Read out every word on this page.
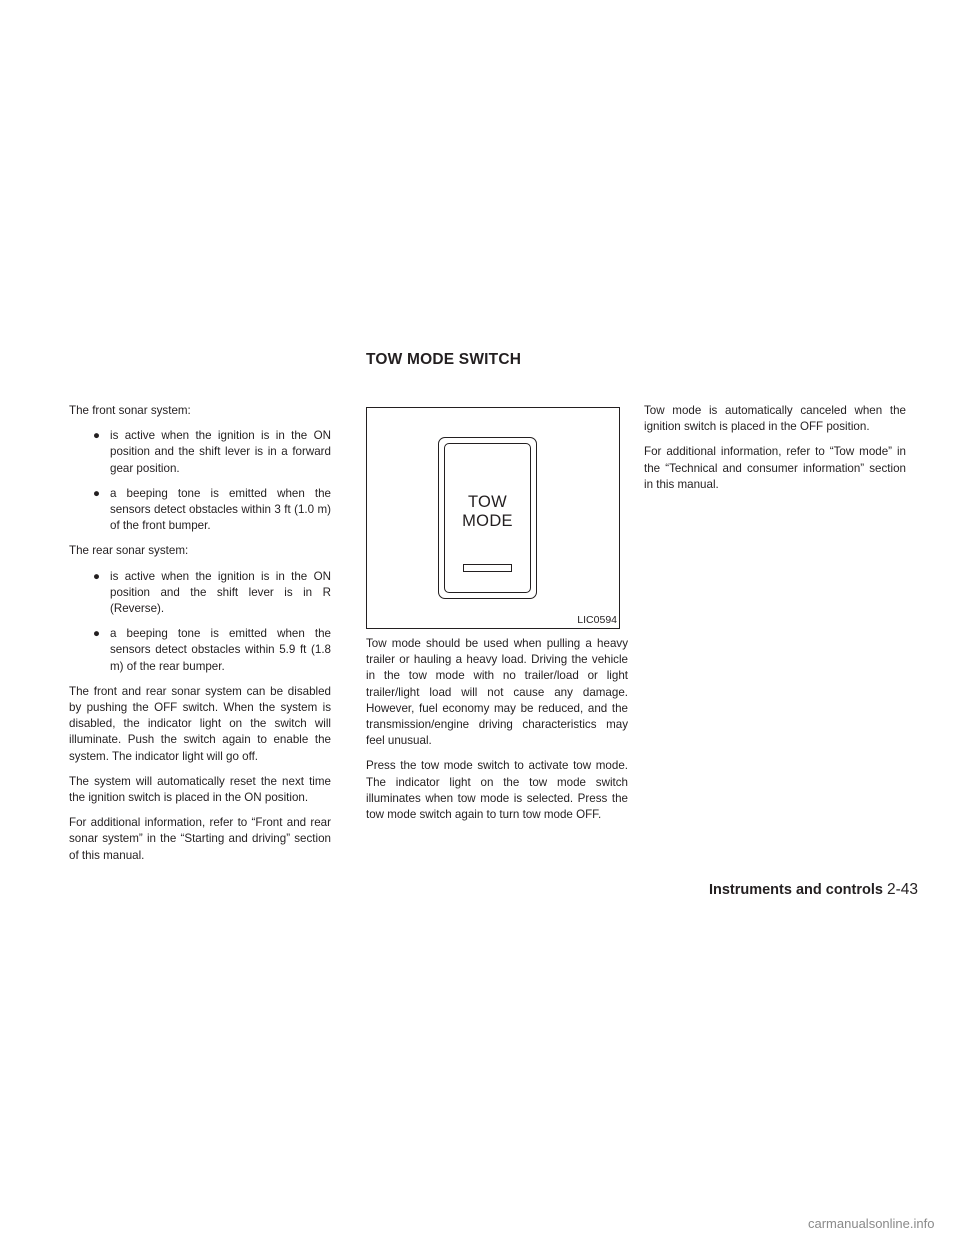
TOW MODE SWITCH

The front sonar system:

● is active when the ignition is in the ON position and the shift lever is in a forward gear position.
● a beeping tone is emitted when the sensors detect obstacles within 3 ft (1.0 m) of the front bumper.

The rear sonar system:

● is active when the ignition is in the ON position and the shift lever is in R (Reverse).
● a beeping tone is emitted when the sensors detect obstacles within 5.9 ft (1.8 m) of the rear bumper.

The front and rear sonar system can be disabled by pushing the OFF switch. When the system is disabled, the indicator light on the switch will illuminate. Push the switch again to enable the system. The indicator light will go off.

The system will automatically reset the next time the ignition switch is placed in the ON position.

For additional information, refer to “Front and rear sonar system” in the “Starting and driving” section of this manual.

TOW
MODE
LIC0594

Tow mode should be used when pulling a heavy trailer or hauling a heavy load. Driving the vehicle in the tow mode with no trailer/load or light trailer/light load will not cause any damage. However, fuel economy may be reduced, and the transmission/engine driving characteristics may feel unusual.

Press the tow mode switch to activate tow mode. The indicator light on the tow mode switch illuminates when tow mode is selected. Press the tow mode switch again to turn tow mode OFF.

Tow mode is automatically canceled when the ignition switch is placed in the OFF position.

For additional information, refer to “Tow mode” in the “Technical and consumer information” section in this manual.

Instruments and controls 2-43
carmanualsonline.info
